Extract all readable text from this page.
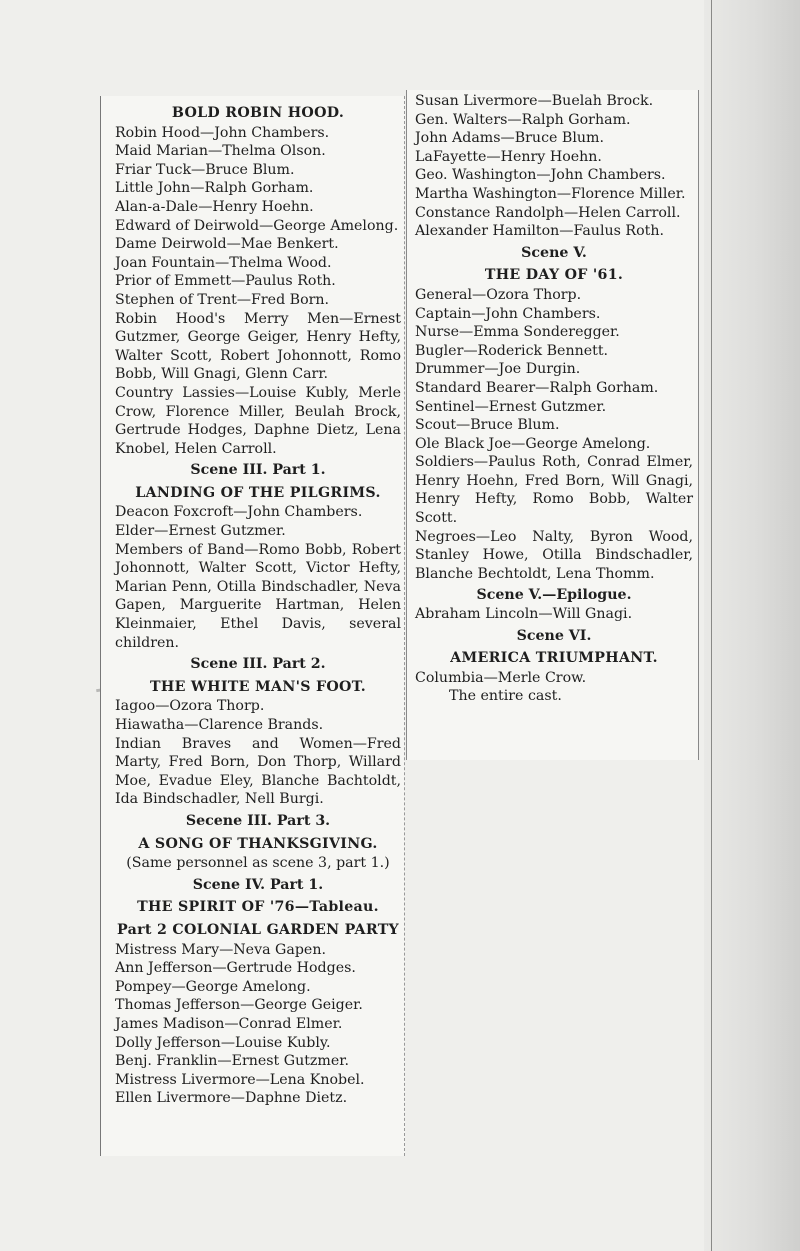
BOLD ROBIN HOOD.

Robin Hood—John Chambers.

Maid Marian—Thelma Olson.

Friar Tuck—Bruce Blum.

Little John—Ralph Gorham.

Alan-a-Dale—Henry Hoehn.

Edward of Deirwold—George Amelong.

Dame Deirwold—Mae Benkert.

Joan Fountain—Thelma Wood.

Prior of Emmett—Paulus Roth.

Stephen of Trent—Fred Born.

Robin Hood's Merry Men—Ernest Gutzmer, George Geiger, Henry Hefty, Walter Scott, Robert Johonnott, Romo Bobb, Will Gnagi, Glenn Carr.

Country Lassies—Louise Kubly, Merle Crow, Florence Miller, Beulah Brock, Gertrude Hodges, Daphne Dietz, Lena Knobel, Helen Carroll.

Scene III. Part 1.
LANDING OF THE PILGRIMS.

Deacon Foxcroft—John Chambers.

Elder—Ernest Gutzmer.

Members of Band—Romo Bobb, Robert Johonnott, Walter Scott, Victor Hefty, Marian Penn, Otilla Bindschadler, Neva Gapen, Marguerite Hartman, Helen Kleinmaier, Ethel Davis, several children.

Scene III. Part 2.
THE WHITE MAN'S FOOT.

Iagoo—Ozora Thorp.

Hiawatha—Clarence Brands.

Indian Braves and Women—Fred Marty, Fred Born, Don Thorp, Willard Moe, Evadue Eley, Blanche Bachtoldt, Ida Bindschadler, Nell Burgi.

Secene III. Part 3.
A SONG OF THANKSGIVING.
(Same personnel as scene 3, part 1.)
Scene IV. Part 1.
THE SPIRIT OF '76—Tableau.
Part 2 COLONIAL GARDEN PARTY

Mistress Mary—Neva Gapen.

Ann Jefferson—Gertrude Hodges.

Pompey—George Amelong.

Thomas Jefferson—George Geiger.

James Madison—Conrad Elmer.

Dolly Jefferson—Louise Kubly.

Benj. Franklin—Ernest Gutzmer.

Mistress Livermore—Lena Knobel.

Ellen Livermore—Daphne Dietz.

Susan Livermore—Buelah Brock.

Gen. Walters—Ralph Gorham.

John Adams—Bruce Blum.

LaFayette—Henry Hoehn.

Geo. Washington—John Chambers.

Martha Washington—Florence Miller.

Constance Randolph—Helen Carroll.

Alexander Hamilton—Faulus Roth.

Scene V.
THE DAY OF '61.

General—Ozora Thorp.

Captain—John Chambers.

Nurse—Emma Sonderegger.

Bugler—Roderick Bennett.

Drummer—Joe Durgin.

Standard Bearer—Ralph Gorham.

Sentinel—Ernest Gutzmer.

Scout—Bruce Blum.

Ole Black Joe—George Amelong.

Soldiers—Paulus Roth, Conrad Elmer, Henry Hoehn, Fred Born, Will Gnagi, Henry Hefty, Romo Bobb, Walter Scott.

Negroes—Leo Nalty, Byron Wood, Stanley Howe, Otilla Bindschadler, Blanche Bechtoldt, Lena Thomm.

Scene V.—Epilogue.

Abraham Lincoln—Will Gnagi.

Scene VI.
AMERICA TRIUMPHANT.

Columbia—Merle Crow.

The entire cast.
